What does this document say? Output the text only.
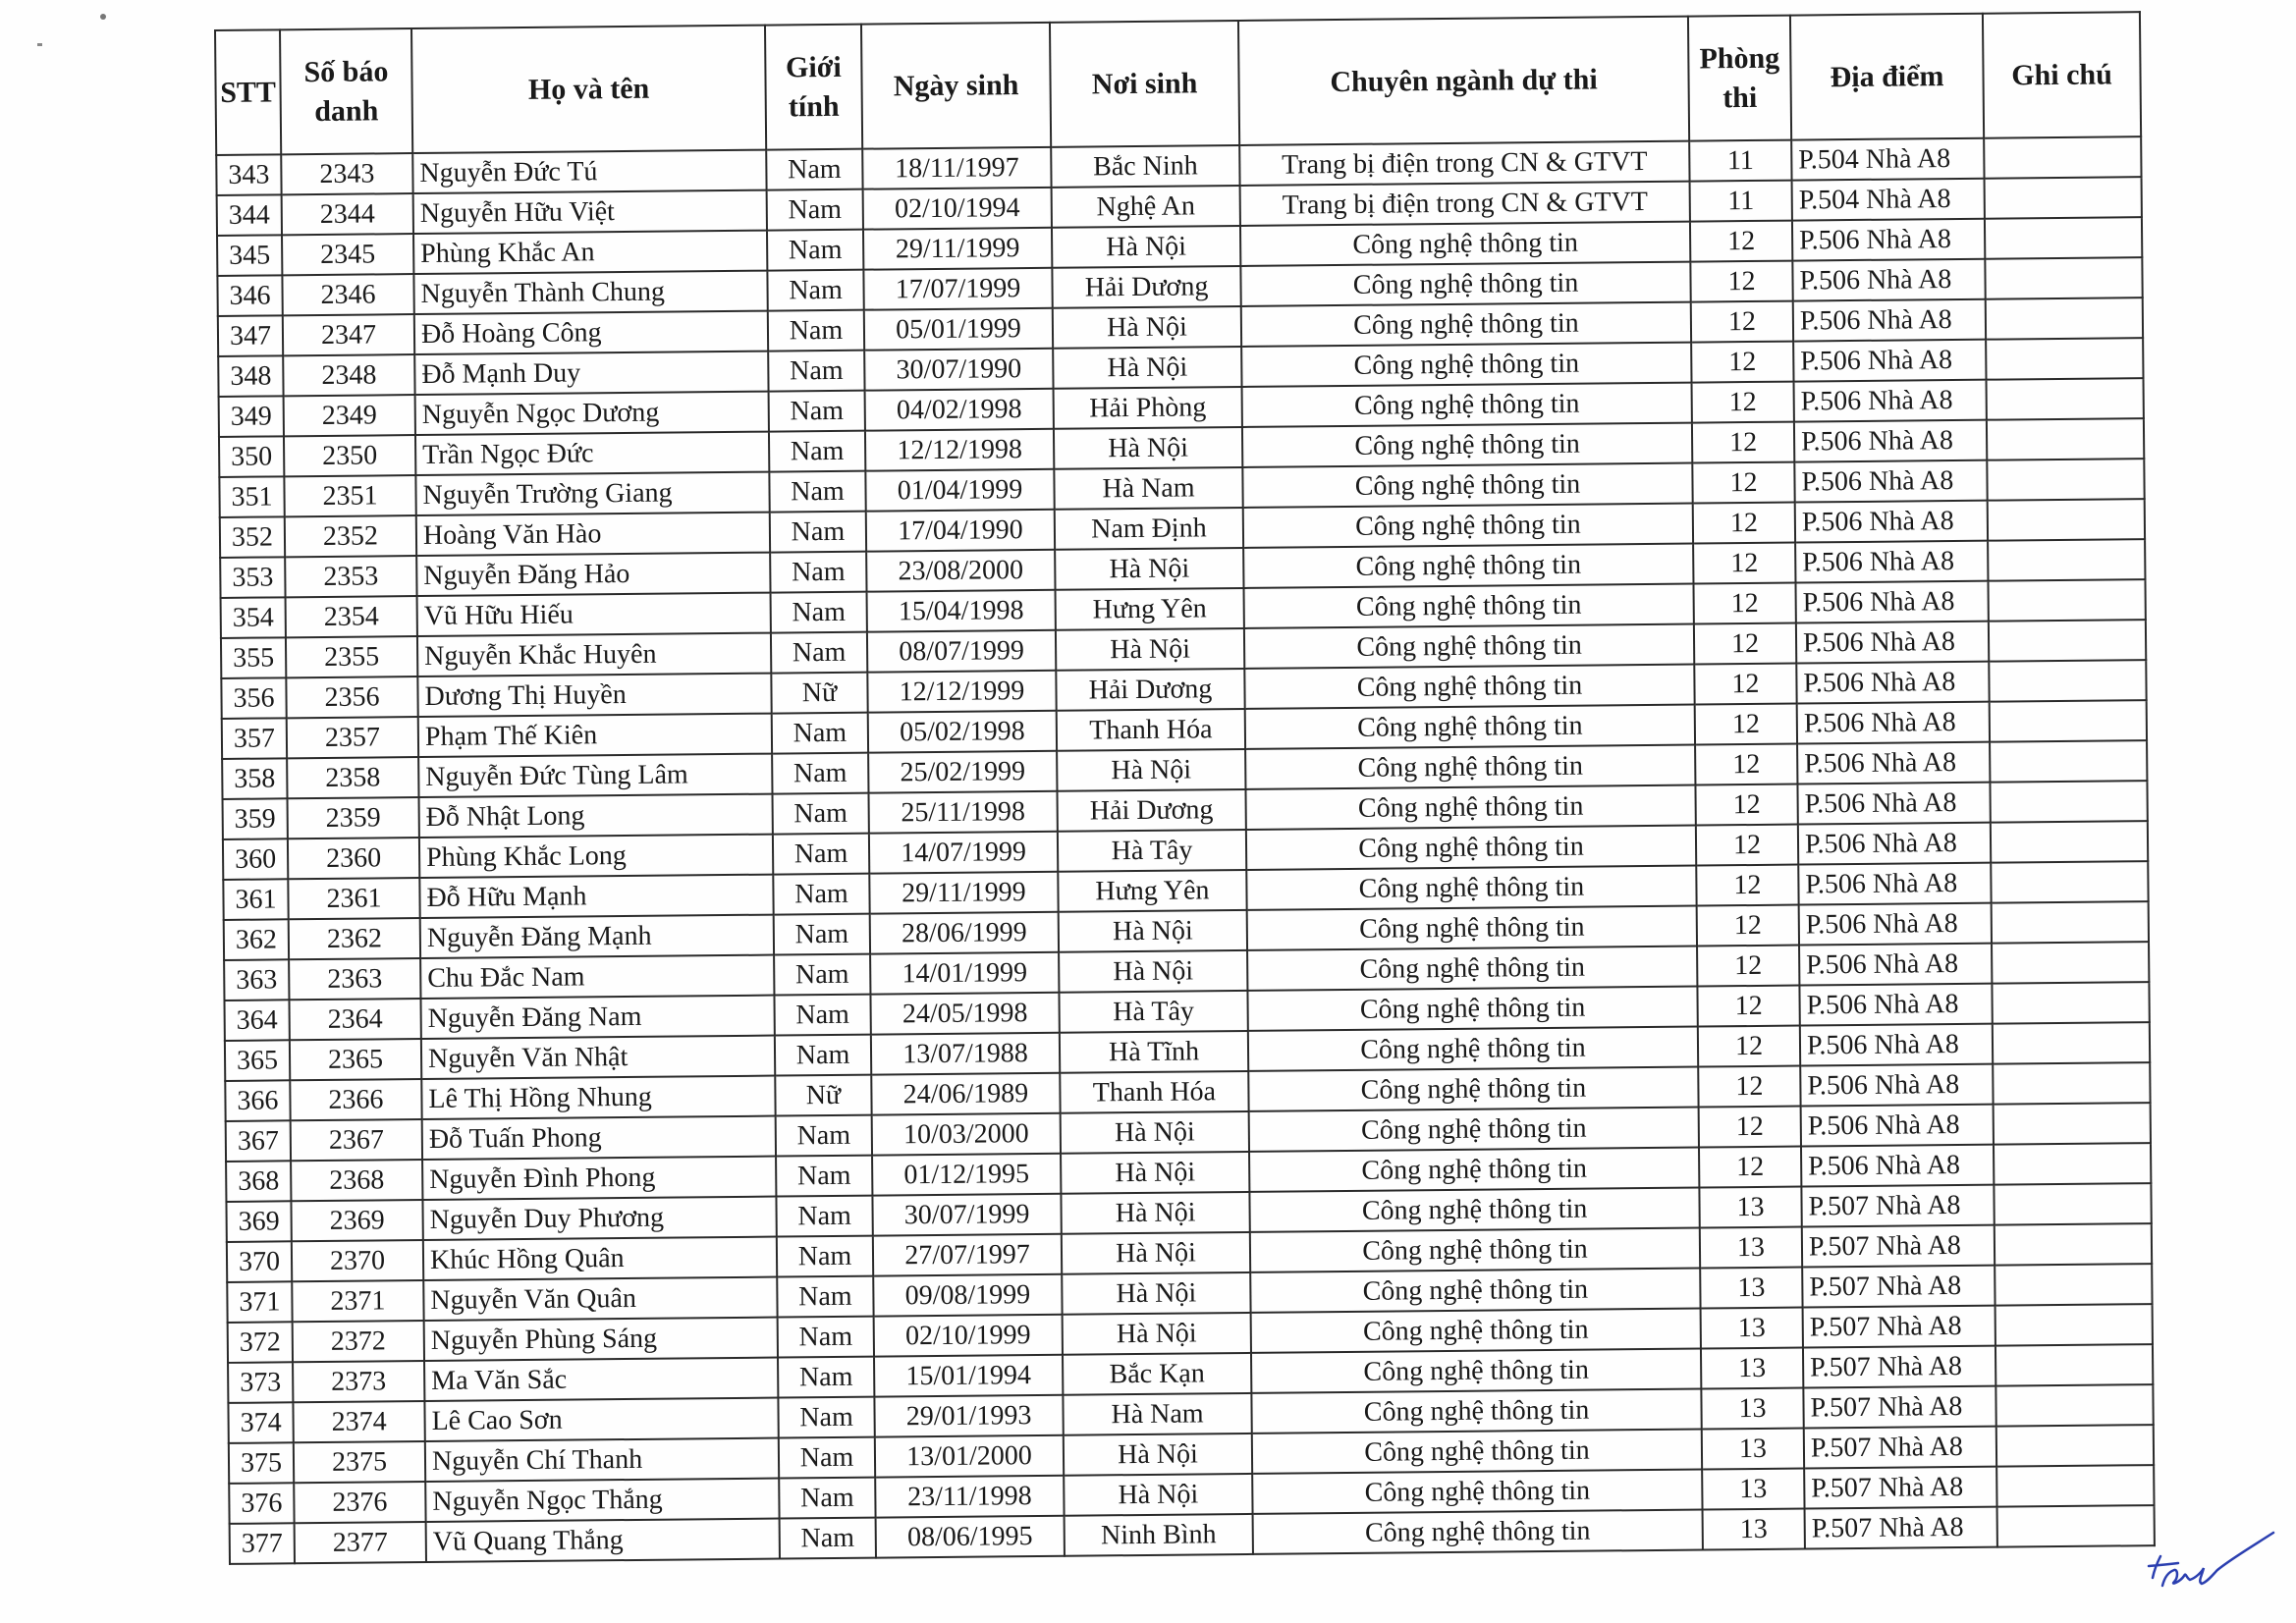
STT	Số báo danh	Họ và tên	Giới tính	Ngày sinh	Nơi sinh	Chuyên ngành dự thi	Phòng thi	Địa điểm	Ghi chú
343	2343	Nguyễn Đức Tú	Nam	18/11/1997	Bắc Ninh	Trang bị điện trong CN & GTVT	11	P.504 Nhà A8	
344	2344	Nguyễn Hữu Việt	Nam	02/10/1994	Nghệ An	Trang bị điện trong CN & GTVT	11	P.504 Nhà A8	
345	2345	Phùng Khắc An	Nam	29/11/1999	Hà Nội	Công nghệ thông tin	12	P.506 Nhà A8	
346	2346	Nguyễn Thành Chung	Nam	17/07/1999	Hải Dương	Công nghệ thông tin	12	P.506 Nhà A8	
347	2347	Đỗ Hoàng Công	Nam	05/01/1999	Hà Nội	Công nghệ thông tin	12	P.506 Nhà A8	
348	2348	Đỗ Mạnh Duy	Nam	30/07/1990	Hà Nội	Công nghệ thông tin	12	P.506 Nhà A8	
349	2349	Nguyễn Ngọc Dương	Nam	04/02/1998	Hải Phòng	Công nghệ thông tin	12	P.506 Nhà A8	
350	2350	Trần Ngọc Đức	Nam	12/12/1998	Hà Nội	Công nghệ thông tin	12	P.506 Nhà A8	
351	2351	Nguyễn Trường Giang	Nam	01/04/1999	Hà Nam	Công nghệ thông tin	12	P.506 Nhà A8	
352	2352	Hoàng Văn Hào	Nam	17/04/1990	Nam Định	Công nghệ thông tin	12	P.506 Nhà A8	
353	2353	Nguyễn Đăng Hảo	Nam	23/08/2000	Hà Nội	Công nghệ thông tin	12	P.506 Nhà A8	
354	2354	Vũ Hữu Hiếu	Nam	15/04/1998	Hưng Yên	Công nghệ thông tin	12	P.506 Nhà A8	
355	2355	Nguyễn Khắc Huyên	Nam	08/07/1999	Hà Nội	Công nghệ thông tin	12	P.506 Nhà A8	
356	2356	Dương Thị Huyền	Nữ	12/12/1999	Hải Dương	Công nghệ thông tin	12	P.506 Nhà A8	
357	2357	Phạm Thế Kiên	Nam	05/02/1998	Thanh Hóa	Công nghệ thông tin	12	P.506 Nhà A8	
358	2358	Nguyễn Đức Tùng Lâm	Nam	25/02/1999	Hà Nội	Công nghệ thông tin	12	P.506 Nhà A8	
359	2359	Đỗ Nhật Long	Nam	25/11/1998	Hải Dương	Công nghệ thông tin	12	P.506 Nhà A8	
360	2360	Phùng Khắc Long	Nam	14/07/1999	Hà Tây	Công nghệ thông tin	12	P.506 Nhà A8	
361	2361	Đỗ Hữu Mạnh	Nam	29/11/1999	Hưng Yên	Công nghệ thông tin	12	P.506 Nhà A8	
362	2362	Nguyễn Đăng Mạnh	Nam	28/06/1999	Hà Nội	Công nghệ thông tin	12	P.506 Nhà A8	
363	2363	Chu Đắc Nam	Nam	14/01/1999	Hà Nội	Công nghệ thông tin	12	P.506 Nhà A8	
364	2364	Nguyễn Đăng Nam	Nam	24/05/1998	Hà Tây	Công nghệ thông tin	12	P.506 Nhà A8	
365	2365	Nguyễn Văn Nhật	Nam	13/07/1988	Hà Tĩnh	Công nghệ thông tin	12	P.506 Nhà A8	
366	2366	Lê Thị Hồng Nhung	Nữ	24/06/1989	Thanh Hóa	Công nghệ thông tin	12	P.506 Nhà A8	
367	2367	Đỗ Tuấn Phong	Nam	10/03/2000	Hà Nội	Công nghệ thông tin	12	P.506 Nhà A8	
368	2368	Nguyễn Đình Phong	Nam	01/12/1995	Hà Nội	Công nghệ thông tin	12	P.506 Nhà A8	
369	2369	Nguyễn Duy Phương	Nam	30/07/1999	Hà Nội	Công nghệ thông tin	13	P.507 Nhà A8	
370	2370	Khúc Hồng Quân	Nam	27/07/1997	Hà Nội	Công nghệ thông tin	13	P.507 Nhà A8	
371	2371	Nguyễn Văn Quân	Nam	09/08/1999	Hà Nội	Công nghệ thông tin	13	P.507 Nhà A8	
372	2372	Nguyễn Phùng Sáng	Nam	02/10/1999	Hà Nội	Công nghệ thông tin	13	P.507 Nhà A8	
373	2373	Ma Văn Sắc	Nam	15/01/1994	Bắc Kạn	Công nghệ thông tin	13	P.507 Nhà A8	
374	2374	Lê Cao Sơn	Nam	29/01/1993	Hà Nam	Công nghệ thông tin	13	P.507 Nhà A8	
375	2375	Nguyễn Chí Thanh	Nam	13/01/2000	Hà Nội	Công nghệ thông tin	13	P.507 Nhà A8	
376	2376	Nguyễn Ngọc Thắng	Nam	23/11/1998	Hà Nội	Công nghệ thông tin	13	P.507 Nhà A8	
377	2377	Vũ Quang Thắng	Nam	08/06/1995	Ninh Bình	Công nghệ thông tin	13	P.507 Nhà A8	
